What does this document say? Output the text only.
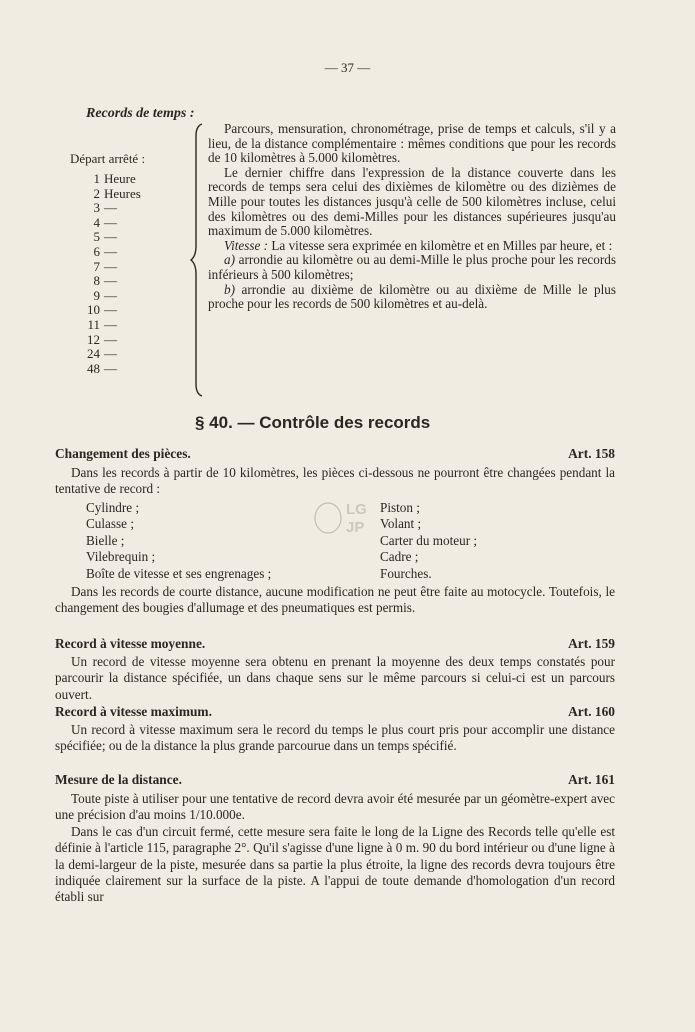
— 37 —
Records de temps :
Départ arrêté :
1 Heure
2 Heures
3 —
4 —
5 —
6 —
7 —
8 —
9 —
10 —
11 —
12 —
24 —
48 —

Parcours, mensuration, chronométrage, prise de temps et calculs, s'il y a lieu, de la distance complémentaire : mêmes conditions que pour les records de 10 kilomètres à 5.000 kilomètres.

Le dernier chiffre dans l'expression de la distance couverte dans les records de temps sera celui des dixièmes de kilomètre ou des dizièmes de Mille pour toutes les distances jusqu'à celle de 500 kilomètres incluse, celui des kilomètres ou des demi-Milles pour les distances supérieures jusqu'au maximum de 5.000 kilomètres.

Vitesse : La vitesse sera exprimée en kilomètre et en Milles par heure, et :

a) arrondie au kilomètre ou au demi-Mille le plus proche pour les records inférieurs à 500 kilomètres;

b) arrondie au dixième de kilomètre ou au dixième de Mille le plus proche pour les records de 500 kilomètres et au-delà.

§ 40. — Contrôle des records
Changement des pièces.	Art. 158

Dans les records à partir de 10 kilomètres, les pièces ci-dessous ne pourront être changées pendant la tentative de record :

Cylindre ;	Piston ;
Culasse ;	Volant ;
Bielle ;	Carter du moteur ;
Vilebrequin ;	Cadre ;
Boîte de vitesse et ses engrenages ;	Fourches.
LG
JP

Dans les records de courte distance, aucune modification ne peut être faite au motocycle. Toutefois, le changement des bougies d'allumage et des pneumatiques est permis.

Record à vitesse moyenne.	Art. 159

Un record de vitesse moyenne sera obtenu en prenant la moyenne des deux temps constatés pour parcourir la distance spécifiée, un dans chaque sens sur le même parcours si celui-ci est un parcours ouvert.

Record à vitesse maximum.	Art. 160

Un record à vitesse maximum sera le record du temps le plus court pris pour accomplir une distance spécifiée; ou de la distance la plus grande parcourue dans un temps spécifié.

Mesure de la distance.	Art. 161

Toute piste à utiliser pour une tentative de record devra avoir été mesurée par un géomètre-expert avec une précision d'au moins 1/10.000e.

Dans le cas d'un circuit fermé, cette mesure sera faite le long de la Ligne des Records telle qu'elle est définie à l'article 115, paragraphe 2°. Qu'il s'agisse d'une ligne à 0 m. 90 du bord intérieur ou d'une ligne à la demi-largeur de la piste, mesurée dans sa partie la plus étroite, la ligne des records devra toujours être indiquée clairement sur la surface de la piste. A l'appui de toute demande d'homologation d'un record établi sur
